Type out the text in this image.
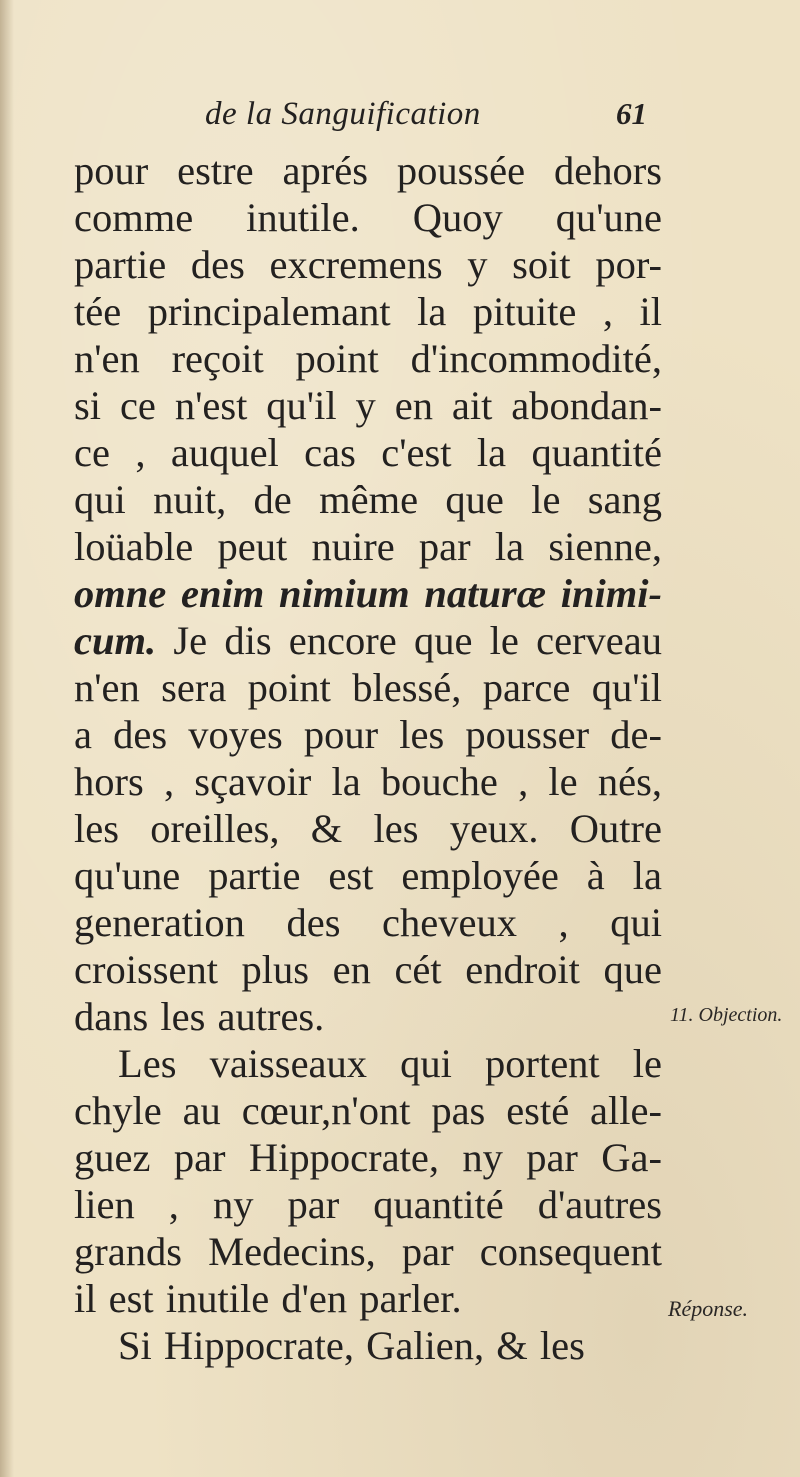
de la Sanguification	61
pour estre aprés poussée dehors
comme inutile. Quoy qu'une
partie des excremens y soit por-
tée principalemant la pituite , il
n'en reçoit point d'incommodité,
si ce n'est qu'il y en ait abondan-
ce , auquel cas c'est la quantité
qui nuit, de même que le sang
loüable peut nuire par la sienne,
omne enim nimium naturæ inimi-
cum. Je dis encore que le cerveau
n'en sera point blessé, parce qu'il
a des voyes pour les pousser de-
hors , sçavoir la bouche , le nés,
les oreilles, & les yeux. Outre
qu'une partie est employée à la
generation des cheveux , qui
croissent plus en cét endroit que
dans les autres.
Les vaisseaux qui portent le
chyle au cœur,n'ont pas esté alle-
guez par Hippocrate, ny par Ga-
lien , ny par quantité d'autres
grands Medecins, par consequent
il est inutile d'en parler.
Si Hippocrate, Galien, & les
11. Objection.
Réponse.
